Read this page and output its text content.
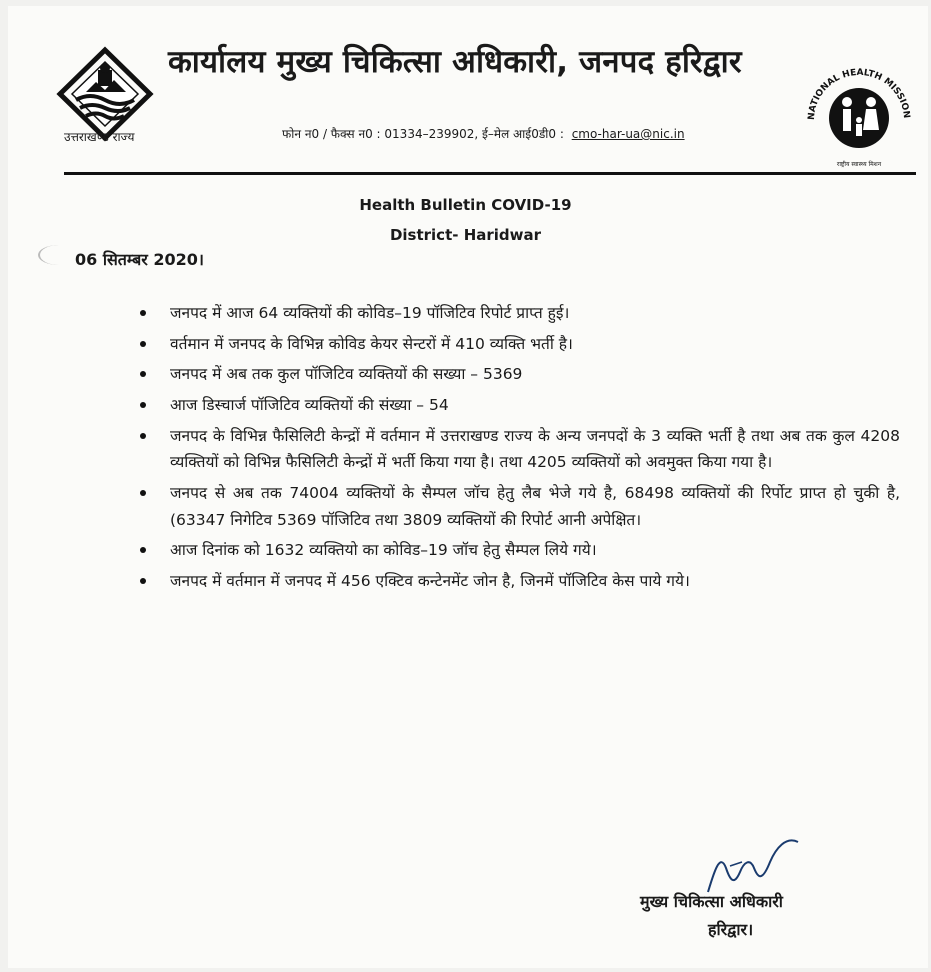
उत्तराखण्ड राज्य
कार्यालय मुख्य चिकित्सा अधिकारी, जनपद हरिद्वार
फोन न0 / फैक्स न0 : 01334–239902, ई–मेल आई0डी0 : cmo-har-ua@nic.in
NATIONAL HEALTH MISSION
राष्ट्रीय स्वास्थ्य मिशन
Health Bulletin COVID-19
District- Haridwar
06 सितम्बर 2020।
जनपद में आज 64 व्यक्तियों की कोविड–19 पॉजिटिव रिपोर्ट प्राप्त हुई।
वर्तमान में जनपद के विभिन्न कोविड केयर सेन्टरों में 410 व्यक्ति भर्ती है।
जनपद में अब तक कुल पॉजिटिव व्यक्तियों की सख्या – 5369
आज डिस्चार्ज पॉजिटिव व्यक्तियों की संख्या – 54
जनपद के विभिन्न फैसिलिटी केन्द्रों में वर्तमान में उत्तराखण्ड राज्य के अन्य जनपदों के 3 व्यक्ति भर्ती है तथा अब तक कुल 4208 व्यक्तियों को विभिन्न फैसिलिटी केन्द्रों में भर्ती किया गया है। तथा 4205 व्यक्तियों को अवमुक्त किया गया है।
जनपद से अब तक 74004 व्यक्तियों के सैम्पल जॉच हेतु लैब भेजे गये है, 68498 व्यक्तियों की रिर्पोट प्राप्त हो चुकी है, (63347 निगेटिव 5369 पॉजिटिव तथा 3809 व्यक्तियों की रिपोर्ट आनी अपेक्षित।
आज दिनांक को 1632 व्यक्तियो का कोविड–19 जॉच हेतु सैम्पल लिये गये।
जनपद में वर्तमान में जनपद में 456 एक्टिव कन्टेनमेंट जोन है, जिनमें पॉजिटिव केस पाये गये।
मुख्य चिकित्सा अधिकारी
हरिद्वार।
